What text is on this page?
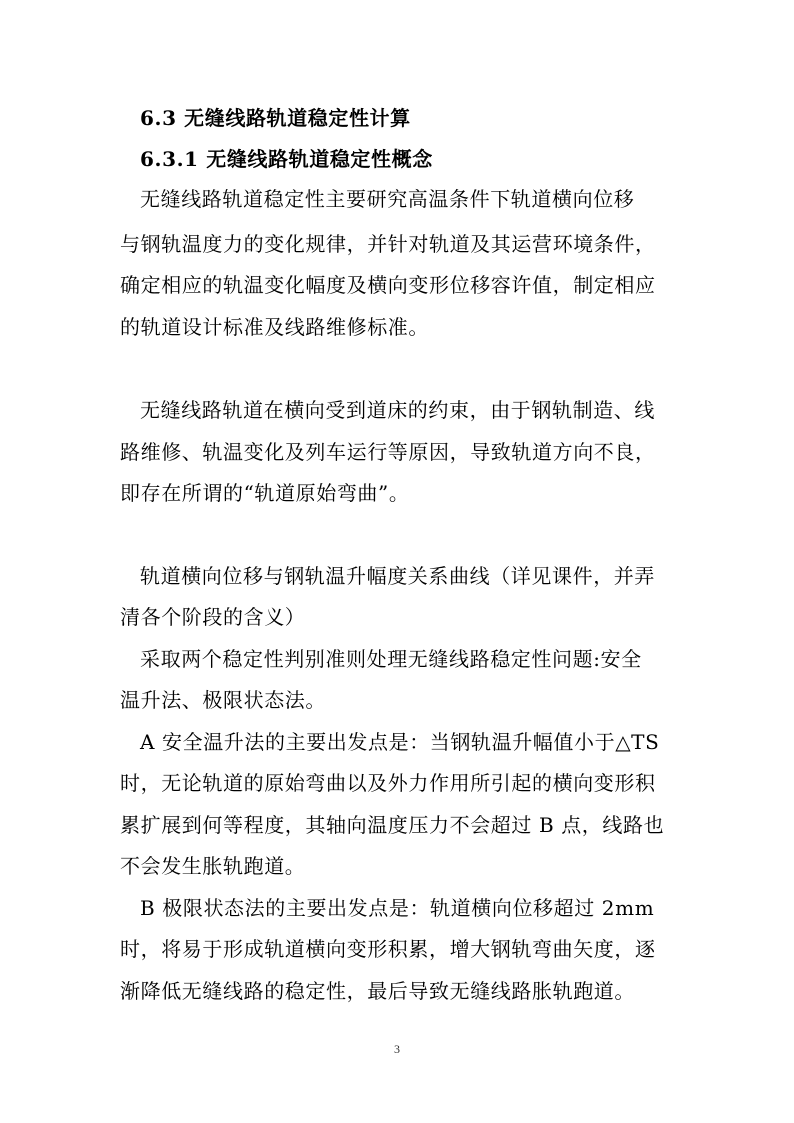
6.3 无缝线路轨道稳定性计算
6.3.1 无缝线路轨道稳定性概念
无缝线路轨道稳定性主要研究高温条件下轨道横向位移
与钢轨温度力的变化规律，并针对轨道及其运营环境条件，
确定相应的轨温变化幅度及横向变形位移容许值，制定相应
的轨道设计标准及线路维修标准。
无缝线路轨道在横向受到道床的约束，由于钢轨制造、线
路维修、轨温变化及列车运行等原因，导致轨道方向不良，
即存在所谓的“轨道原始弯曲”。
轨道横向位移与钢轨温升幅度关系曲线（详见课件，并弄
清各个阶段的含义）
采取两个稳定性判别准则处理无缝线路稳定性问题:安全
温升法、极限状态法。
A 安全温升法的主要出发点是：当钢轨温升幅值小于△TS
时，无论轨道的原始弯曲以及外力作用所引起的横向变形积
累扩展到何等程度，其轴向温度压力不会超过 B 点，线路也
不会发生胀轨跑道。
B 极限状态法的主要出发点是：轨道横向位移超过 2mm
时，将易于形成轨道横向变形积累，增大钢轨弯曲矢度，逐
渐降低无缝线路的稳定性，最后导致无缝线路胀轨跑道。
3
